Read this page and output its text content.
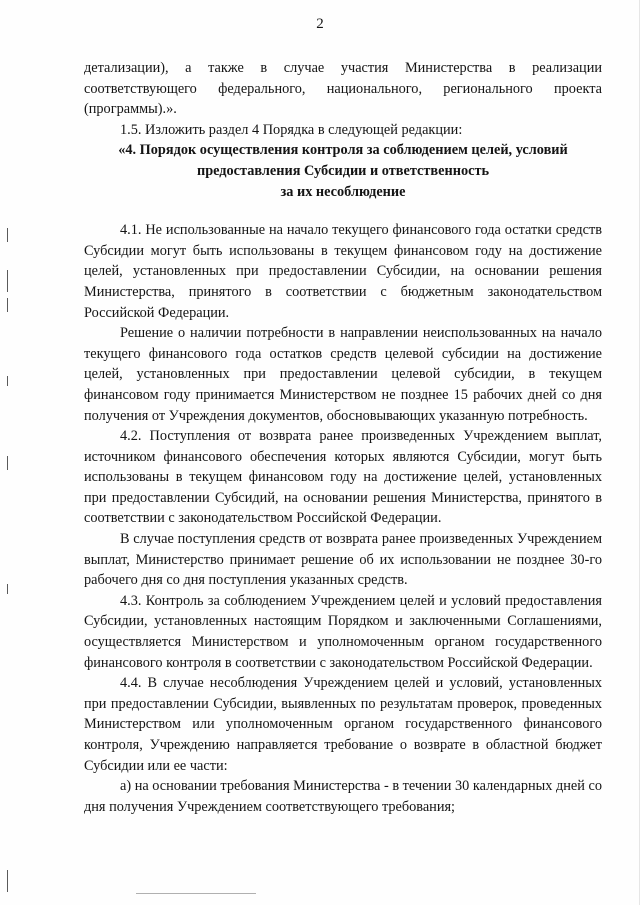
2

детализации), а также в случае участия Министерства в реализации соответствующего федерального, национального, регионального проекта (программы).».

1.5. Изложить раздел 4 Порядка в следующей редакции:

«4. Порядок осуществления контроля за соблюдением целей, условий

предоставления Субсидии и ответственность

за их несоблюдение

4.1. Не использованные на начало текущего финансового года остатки средств Субсидии могут быть использованы в текущем финансовом году на достижение целей, установленных при предоставлении Субсидии, на основании решения Министерства, принятого в соответствии с бюджетным законодательством Российской Федерации.

Решение о наличии потребности в направлении неиспользованных на начало текущего финансового года остатков средств целевой субсидии на достижение целей, установленных при предоставлении целевой субсидии, в текущем финансовом году принимается Министерством не позднее 15 рабочих дней со дня получения от Учреждения документов, обосновывающих указанную потребность.

4.2. Поступления от возврата ранее произведенных Учреждением выплат, источником финансового обеспечения которых являются Субсидии, могут быть использованы в текущем финансовом году на достижение целей, установленных при предоставлении Субсидий, на основании решения Министерства, принятого в соответствии с законодательством Российской Федерации.

В случае поступления средств от возврата ранее произведенных Учреждением выплат, Министерство принимает решение об их использовании не позднее 30-го рабочего дня со дня поступления указанных средств.

4.3. Контроль за соблюдением Учреждением целей и условий предоставления Субсидии, установленных настоящим Порядком и заключенными Соглашениями, осуществляется Министерством и уполномоченным органом государственного финансового контроля в соответствии с законодательством Российской Федерации.

4.4. В случае несоблюдения Учреждением целей и условий, установленных при предоставлении Субсидии, выявленных по результатам проверок, проведенных Министерством или уполномоченным органом государственного финансового контроля, Учреждению направляется требование о возврате в областной бюджет Субсидии или ее части:

а) на основании требования Министерства - в течении 30 календарных дней со дня получения Учреждением соответствующего требования;
